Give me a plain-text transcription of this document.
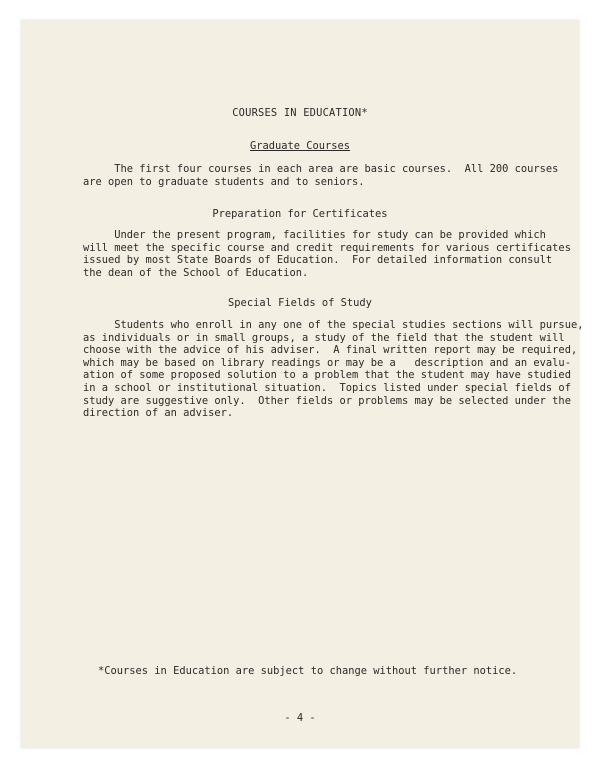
COURSES IN EDUCATION*
Graduate Courses

The first four courses in each area are basic courses.  All 200 courses
are open to graduate students and to seniors.

Preparation for Certificates

Under the present program, facilities for study can be provided which
will meet the specific course and credit requirements for various certificates
issued by most State Boards of Education.  For detailed information consult
the dean of the School of Education.

Special Fields of Study

Students who enroll in any one of the special studies sections will pursue,
as individuals or in small groups, a study of the field that the student will
choose with the advice of his adviser.  A final written report may be required,
which may be based on library readings or may be a   description and an evalu-
ation of some proposed solution to a problem that the student may have studied
in a school or institutional situation.  Topics listed under special fields of
study are suggestive only.  Other fields or problems may be selected under the
direction of an adviser.

*Courses in Education are subject to change without further notice.
- 4 -
